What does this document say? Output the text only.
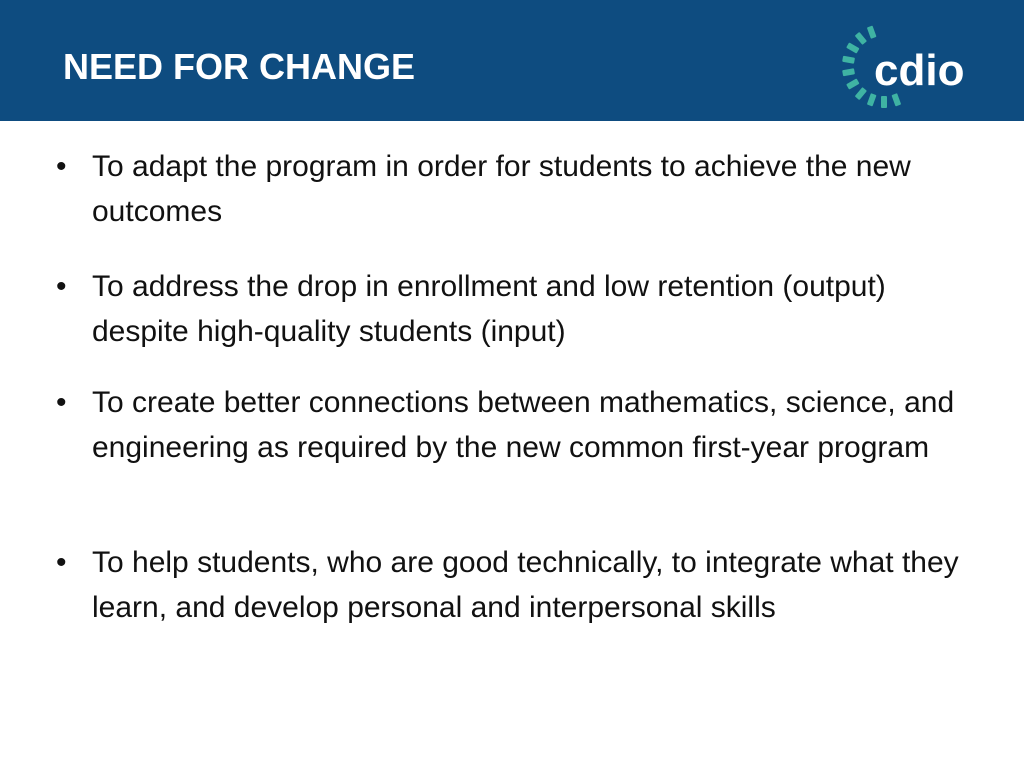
NEED FOR CHANGE	cdio
• To adapt the program in order for students to achieve the new outcomes
• To address the drop in enrollment and low retention (output) despite high-quality students (input)
• To create better connections between mathematics, science, and engineering as required by the new common first-year program
• To help students, who are good technically, to integrate what they learn, and develop personal and interpersonal skills
